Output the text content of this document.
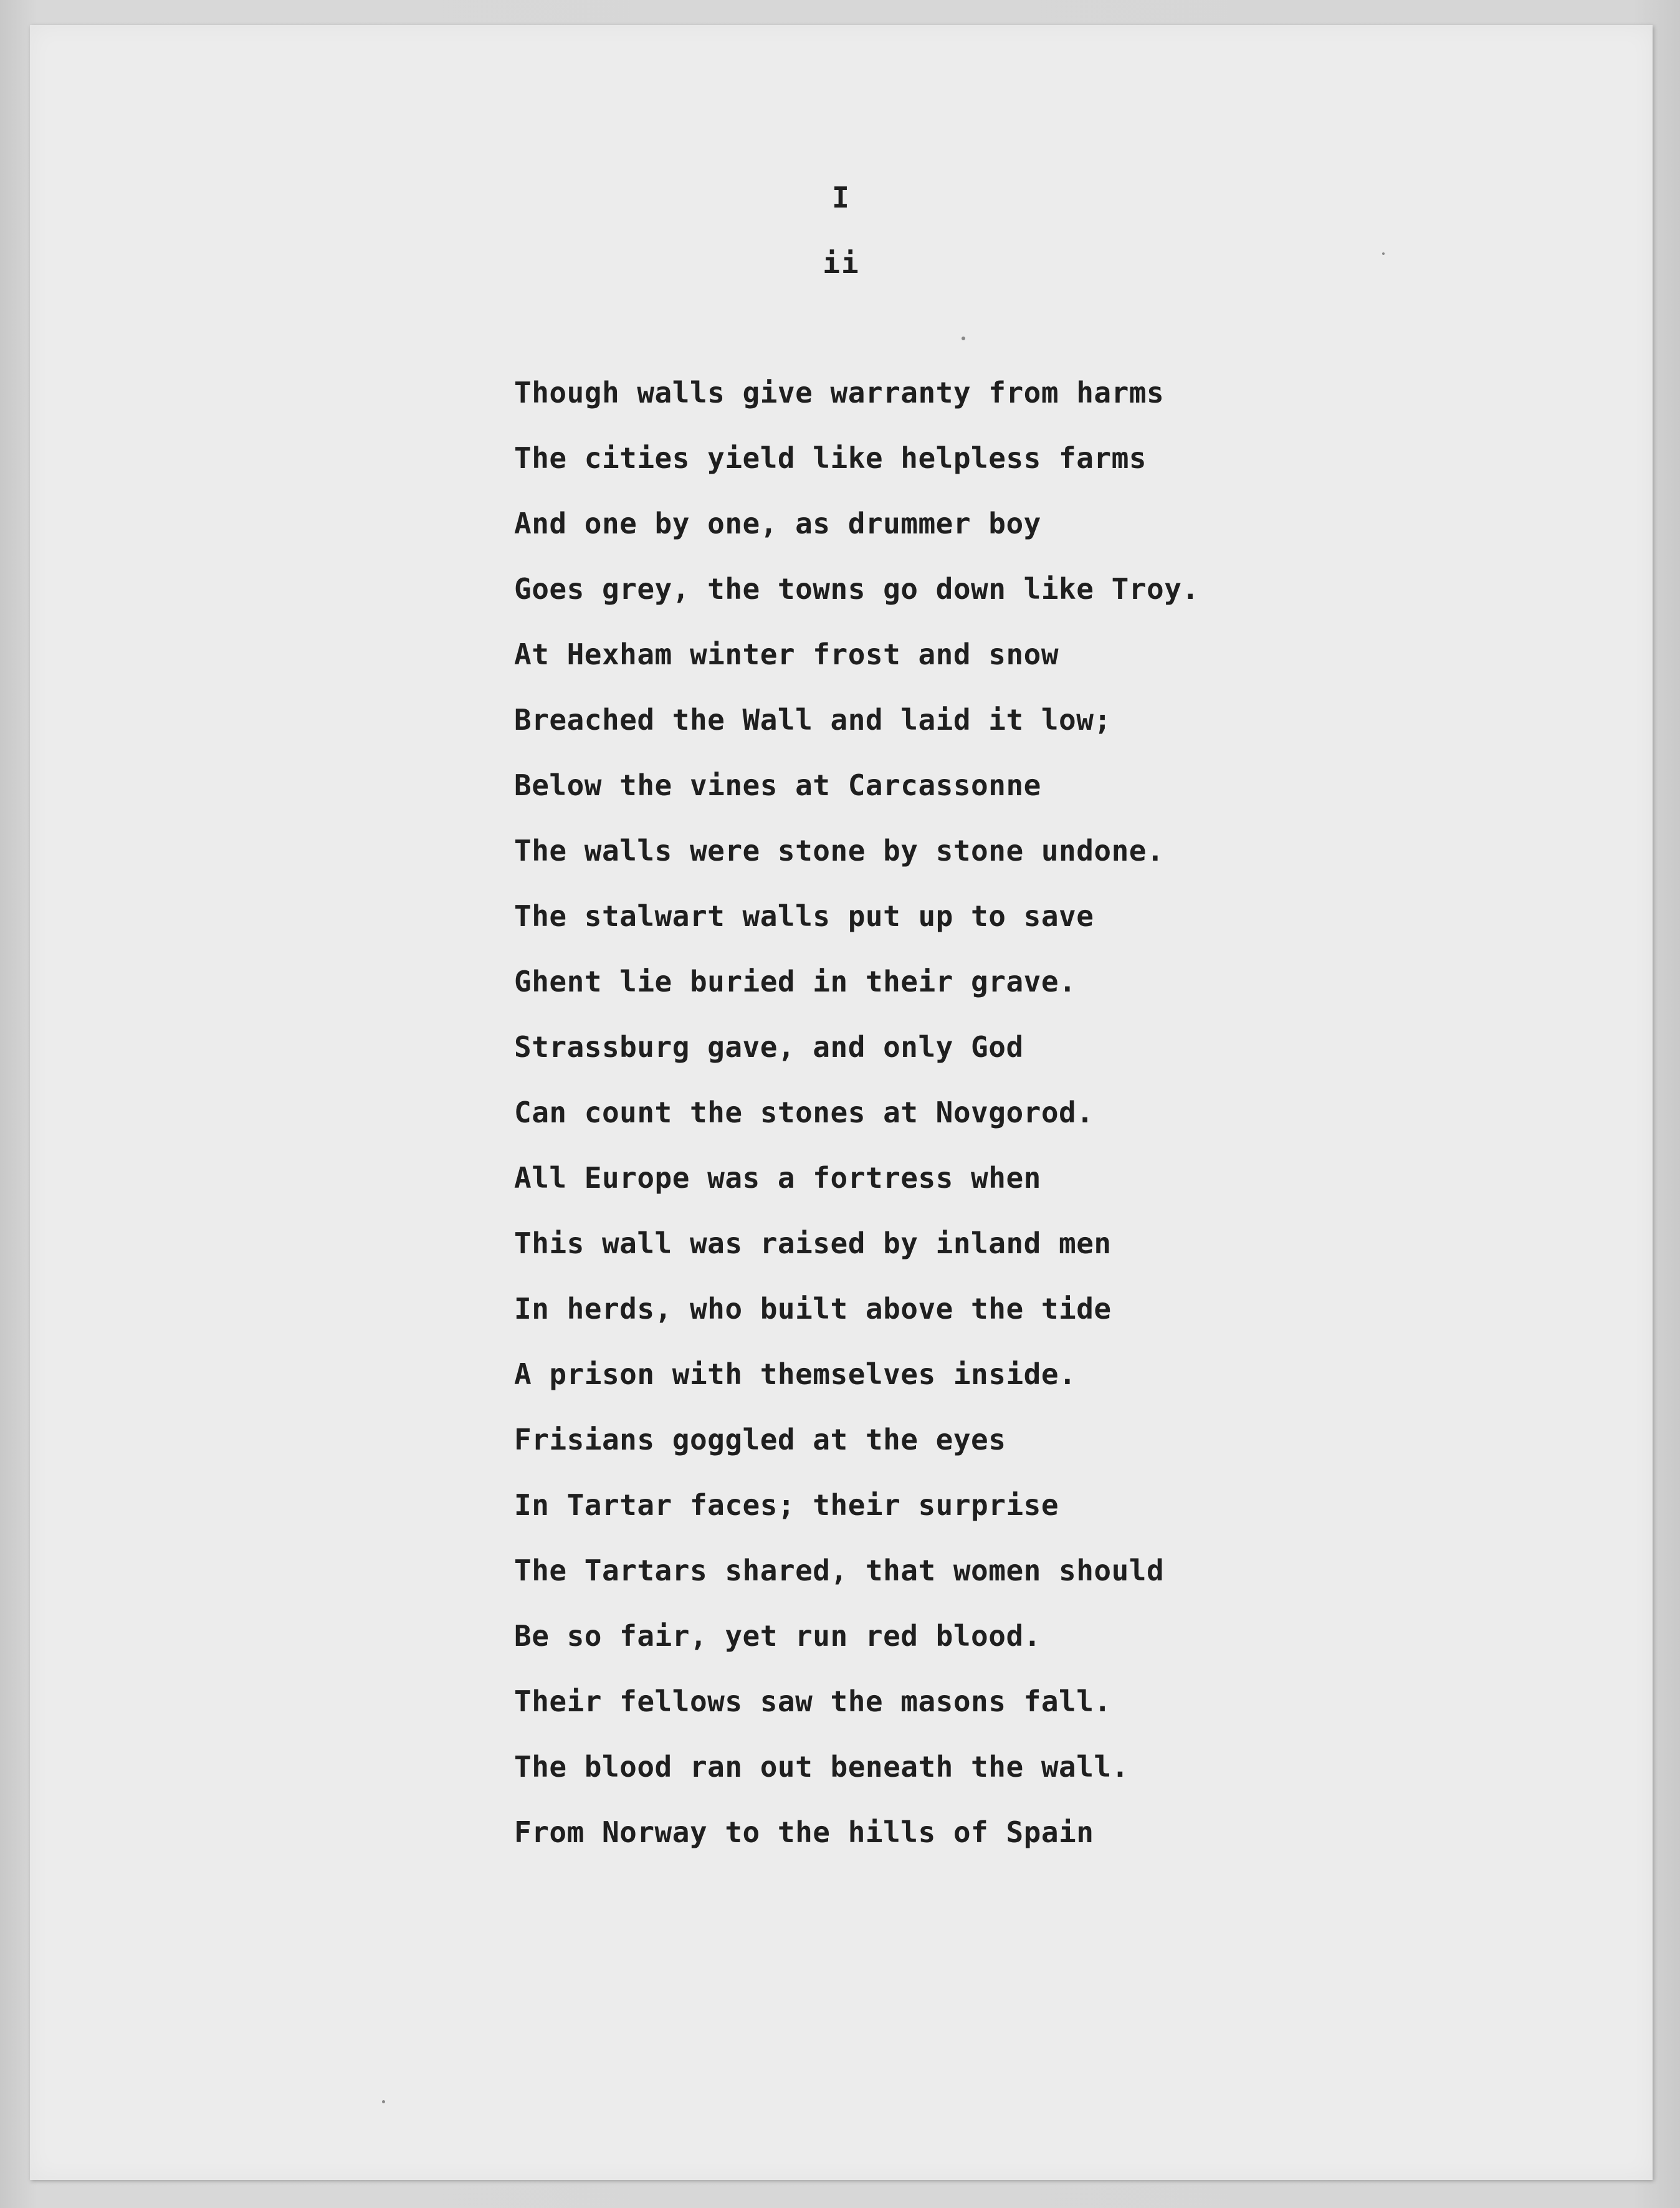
I
ii
Though walls give warranty from harms
The cities yield like helpless farms
And one by one, as drummer boy
Goes grey, the towns go down like Troy.
At Hexham winter frost and snow
Breached the Wall and laid it low;
Below the vines at Carcassonne
The walls were stone by stone undone.
The stalwart walls put up to save
Ghent lie buried in their grave.
Strassburg gave, and only God
Can count the stones at Novgorod.
All Europe was a fortress when
This wall was raised by inland men
In herds, who built above the tide
A prison with themselves inside.
Frisians goggled at the eyes
In Tartar faces; their surprise
The Tartars shared, that women should
Be so fair, yet run red blood.
Their fellows saw the masons fall.
The blood ran out beneath the wall.
From Norway to the hills of Spain
